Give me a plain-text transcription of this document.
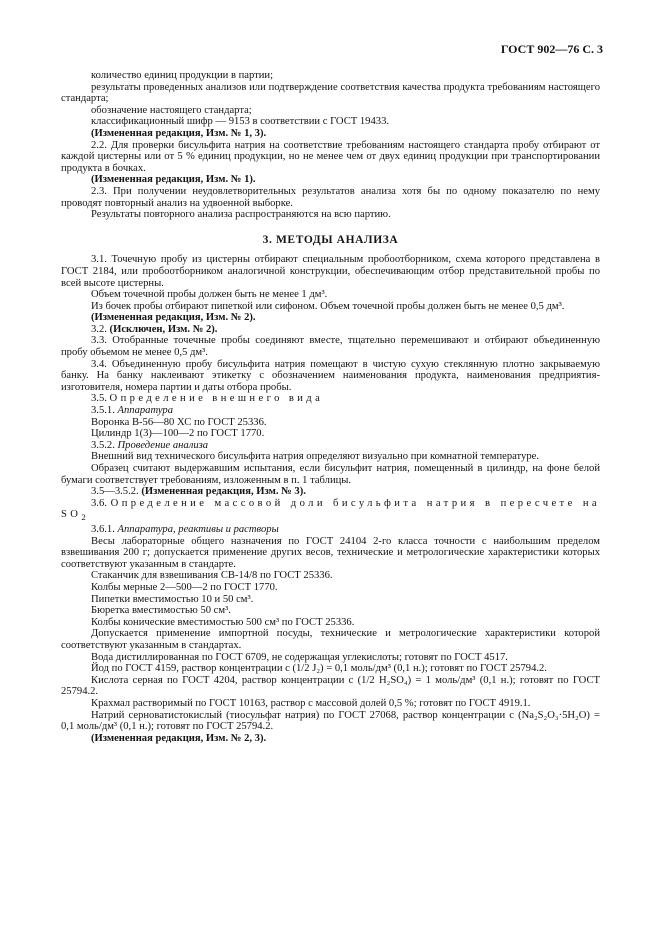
ГОСТ 902—76 С. 3

количество единиц продукции в партии;

результаты проведенных анализов или подтверждение соответствия качества продукта требованиям настоящего стандарта;

обозначение настоящего стандарта;

классификационный шифр — 9153 в соответствии с ГОСТ 19433.

(Измененная редакция, Изм. № 1, 3).

2.2. Для проверки бисульфита натрия на соответствие требованиям настоящего стандарта пробу отбирают от каждой цистерны или от 5 % единиц продукции, но не менее чем от двух единиц продукции при транспортировании продукта в бочках.

(Измененная редакция, Изм. № 1).

2.3. При получении неудовлетворительных результатов анализа хотя бы по одному показателю по нему проводят повторный анализ на удвоенной выборке.

Результаты повторного анализа распространяются на всю партию.

3. МЕТОДЫ АНАЛИЗА

3.1. Точечную пробу из цистерны отбирают специальным пробоотборником, схема которого представлена в ГОСТ 2184, или пробоотборником аналогичной конструкции, обеспечивающим отбор представительной пробы по всей высоте цистерны.

Объем точечной пробы должен быть не менее 1 дм³.

Из бочек пробы отбирают пипеткой или сифоном. Объем точечной пробы должен быть не менее 0,5 дм³.

(Измененная редакция, Изм. № 2).

3.2. (Исключен, Изм. № 2).

3.3. Отобранные точечные пробы соединяют вместе, тщательно перемешивают и отбирают объединенную пробу объемом не менее 0,5 дм³.

3.4. Объединенную пробу бисульфита натрия помещают в чистую сухую стеклянную плотно закрываемую банку. На банку наклеивают этикетку с обозначением наименования продукта, наименования предприятия-изготовителя, номера партии и даты отбора пробы.

3.5. Определение внешнего вида

3.5.1. Аппаратура

Воронка В-56—80 ХС по ГОСТ 25336.

Цилиндр 1(3)—100—2 по ГОСТ 1770.

3.5.2. Проведение анализа

Внешний вид технического бисульфита натрия определяют визуально при комнатной температуре.

Образец считают выдержавшим испытания, если бисульфит натрия, помещенный в цилиндр, на фоне белой бумаги соответствует требованиям, изложенным в п. 1 таблицы.

3.5—3.5.2. (Измененная редакция, Изм. № 3).

3.6. Определение массовой доли бисульфита натрия в пересчете на $SO_2$

3.6.1. Аппаратура, реактивы и растворы

Весы лабораторные общего назначения по ГОСТ 24104 2-го класса точности с наибольшим пределом взвешивания 200 г; допускается применение других весов, технические и метрологические характеристики которых соответствуют указанным в стандарте.

Стаканчик для взвешивания СВ-14/8 по ГОСТ 25336.

Колбы мерные 2—500—2 по ГОСТ 1770.

Пипетки вместимостью 10 и 50 см³.

Бюретка вместимостью 50 см³.

Колбы конические вместимостью 500 см³ по ГОСТ 25336.

Допускается применение импортной посуды, технические и метрологические характеристики которой соответствуют указанным в стандартах.

Вода дистиллированная по ГОСТ 6709, не содержащая углекислоты; готовят по ГОСТ 4517.

Йод по ГОСТ 4159, раствор концентрации c (1/2 J₂) = 0,1 моль/дм³ (0,1 н.); готовят по ГОСТ 25794.2.

Кислота серная по ГОСТ 4204, раствор концентрации c (1/2 H₂SO₄) = 1 моль/дм³ (0,1 н.); готовят по ГОСТ 25794.2.

Крахмал растворимый по ГОСТ 10163, раствор с массовой долей 0,5 %; готовят по ГОСТ 4919.1.

Натрий серноватистокислый (тиосульфат натрия) по ГОСТ 27068, раствор концентрации c (Na₂S₂O₃·5H₂O) = 0,1 моль/дм³ (0,1 н.); готовят по ГОСТ 25794.2.

(Измененная редакция, Изм. № 2, 3).
